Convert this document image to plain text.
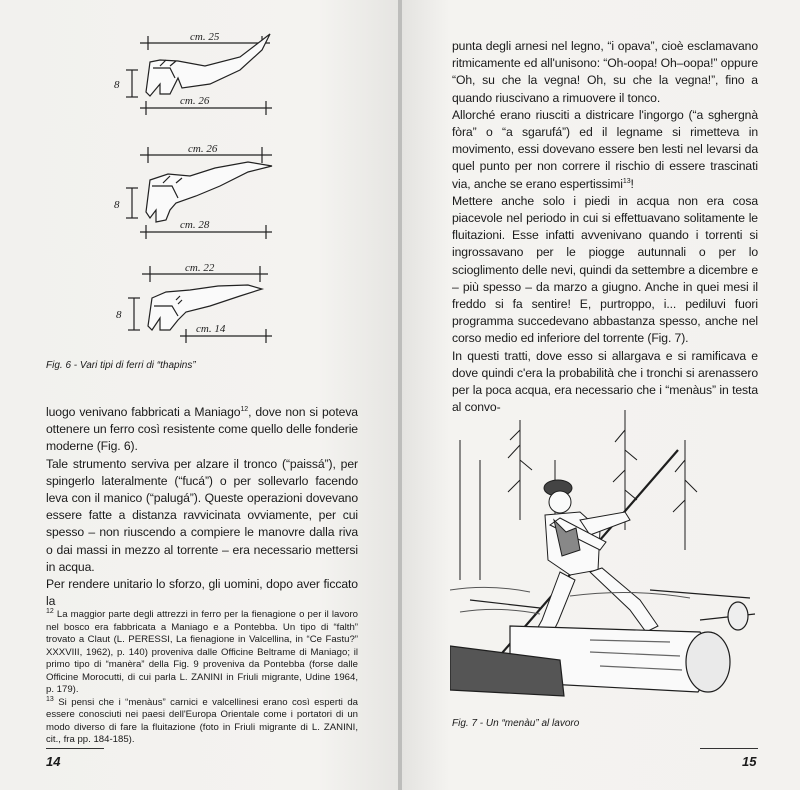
cm. 25
cm. 26
8
cm. 26
cm. 28
8
cm. 22
cm. 14
8
Fig. 6 - Vari tipi di ferri di “thapins”

luogo venivano fabbricati a Maniago$^{12}$, dove non si poteva ottenere un ferro così resistente come quello delle fonderie moderne (Fig. 6).

Tale strumento serviva per alzare il tronco (“paissá”), per spingerlo lateralmente (“fucá”) o per sollevarlo facendo leva con il manico (“palugá”). Queste operazioni dovevano essere fatte a distanza ravvicinata ovviamente, per cui spesso – non riuscendo a compiere le manovre dalla riva o dai massi in mezzo al torrente – era necessario mettersi in acqua.

Per rendere unitario lo sforzo, gli uomini, dopo aver ficcato la

$^{12}$ La maggior parte degli attrezzi in ferro per la fienagione o per il lavoro nel bosco era fabbricata a Maniago e a Pontebba. Un tipo di “falth” trovato a Claut (L. PERESSI, La fienagione in Valcellina, in “Ce Fastu?” XXXVIII, 1962), p. 140) proveniva dalle Officine Beltrame di Maniago; il primo tipo di “manèra” della Fig. 9 proveniva da Pontebba (forse dalle Officine Morocutti, di cui parla L. ZANINI in Friuli migrante, Udine 1964, p. 179).

$^{13}$ Si pensi che i “menàus” carnici e valcellinesi erano così esperti da essere conosciuti nei paesi dell'Europa Orientale come i portatori di un modo diverso di fare la fluitazione (foto in Friuli migrante di L. ZANINI, cit., fra pp. 184-185).

14

punta degli arnesi nel legno, “i opava”, cioè esclamavano ritmicamente ed all'unisono: “Oh-oopa! Oh–oopa!” oppure “Oh, su che la vegna! Oh, su che la vegna!”, fino a quando riuscivano a rimuovere il tonco.

Allorché erano riusciti a districare l'ingorgo (“a sghergnà fòra” o “a sgarufá”) ed il legname si rimetteva in movimento, essi dovevano essere ben lesti nel levarsi da quel punto per non correre il rischio di essere trascinati via, anche se erano espertissimi$^{13}$!

Mettere anche solo i piedi in acqua non era cosa piacevole nel periodo in cui si effettuavano solitamente le fluitazioni. Esse infatti avvenivano quando i torrenti si ingrossavano per le piogge autunnali o per lo scioglimento delle nevi, quindi da settembre a dicembre e – più spesso – da marzo a giugno. Anche in quei mesi il freddo si fa sentire! E, purtroppo, i... pediluvi fuori programma succedevano abbastanza spesso, anche nel corso medio ed inferiore del torrente (Fig. 7).

In questi tratti, dove esso si allargava e si ramificava e dove quindi c'era la probabilità che i tronchi si arenassero per la poca acqua, era necessario che i “menàus” in testa al convo-

Fig. 7 - Un “menàu” al lavoro
15
